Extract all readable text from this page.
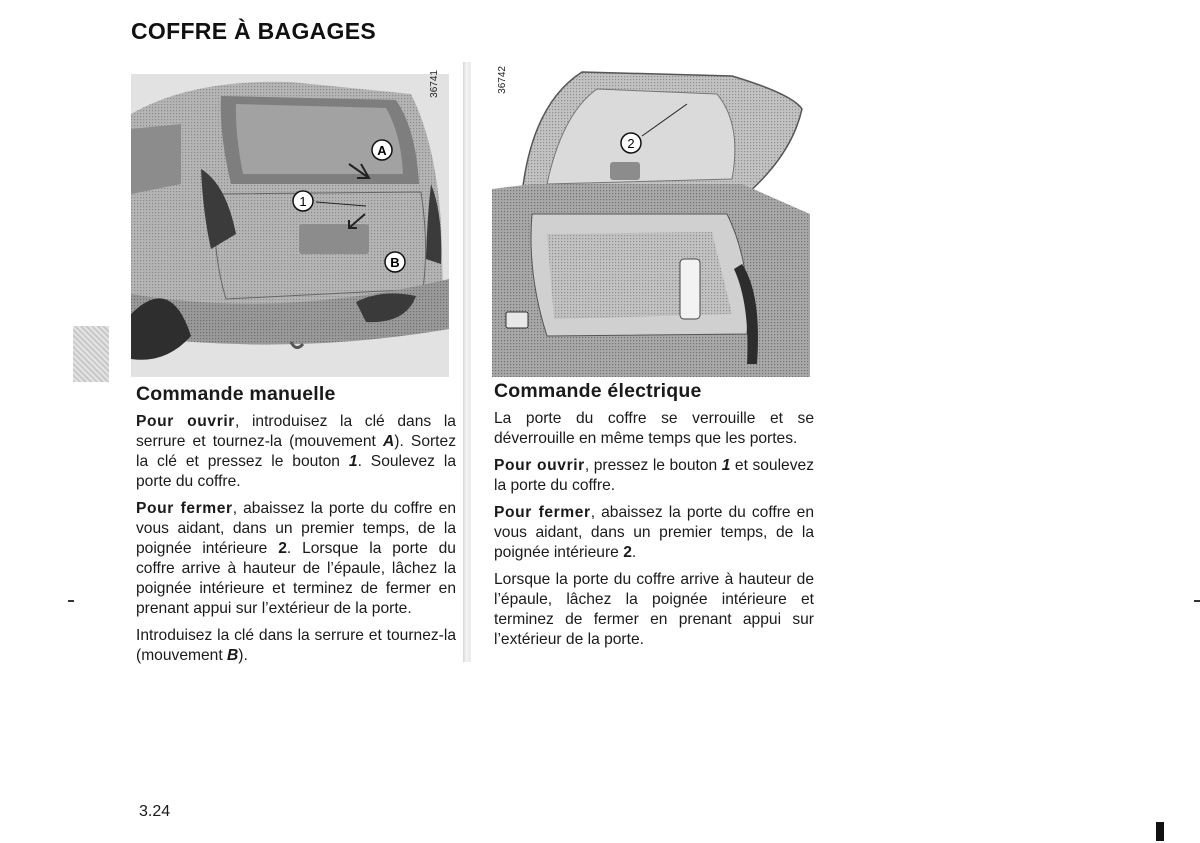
COFFRE À BAGAGES
A
1
B
36741
2
36742
Commande manuelle

Pour ouvrir, introduisez la clé dans la serrure et tournez-la (mouvement A). Sortez la clé et pressez le bouton 1. Soulevez la porte du coffre.

Pour fermer, abaissez la porte du coffre en vous aidant, dans un premier temps, de la poignée intérieure 2. Lorsque la porte du coffre arrive à hauteur de l’épaule, lâchez la poignée intérieure et terminez de fermer en prenant appui sur l’extérieur de la porte.

Introduisez la clé dans la serrure et tournez-la (mouvement B).

Commande électrique

La porte du coffre se verrouille et se déverrouille en même temps que les portes.

Pour ouvrir, pressez le bouton 1 et soulevez la porte du coffre.

Pour fermer, abaissez la porte du coffre en vous aidant, dans un premier temps, de la poignée intérieure 2.

Lorsque la porte du coffre arrive à hauteur de l’épaule, lâchez la poignée intérieure et terminez de fermer en prenant appui sur l’extérieur de la porte.

3.24
